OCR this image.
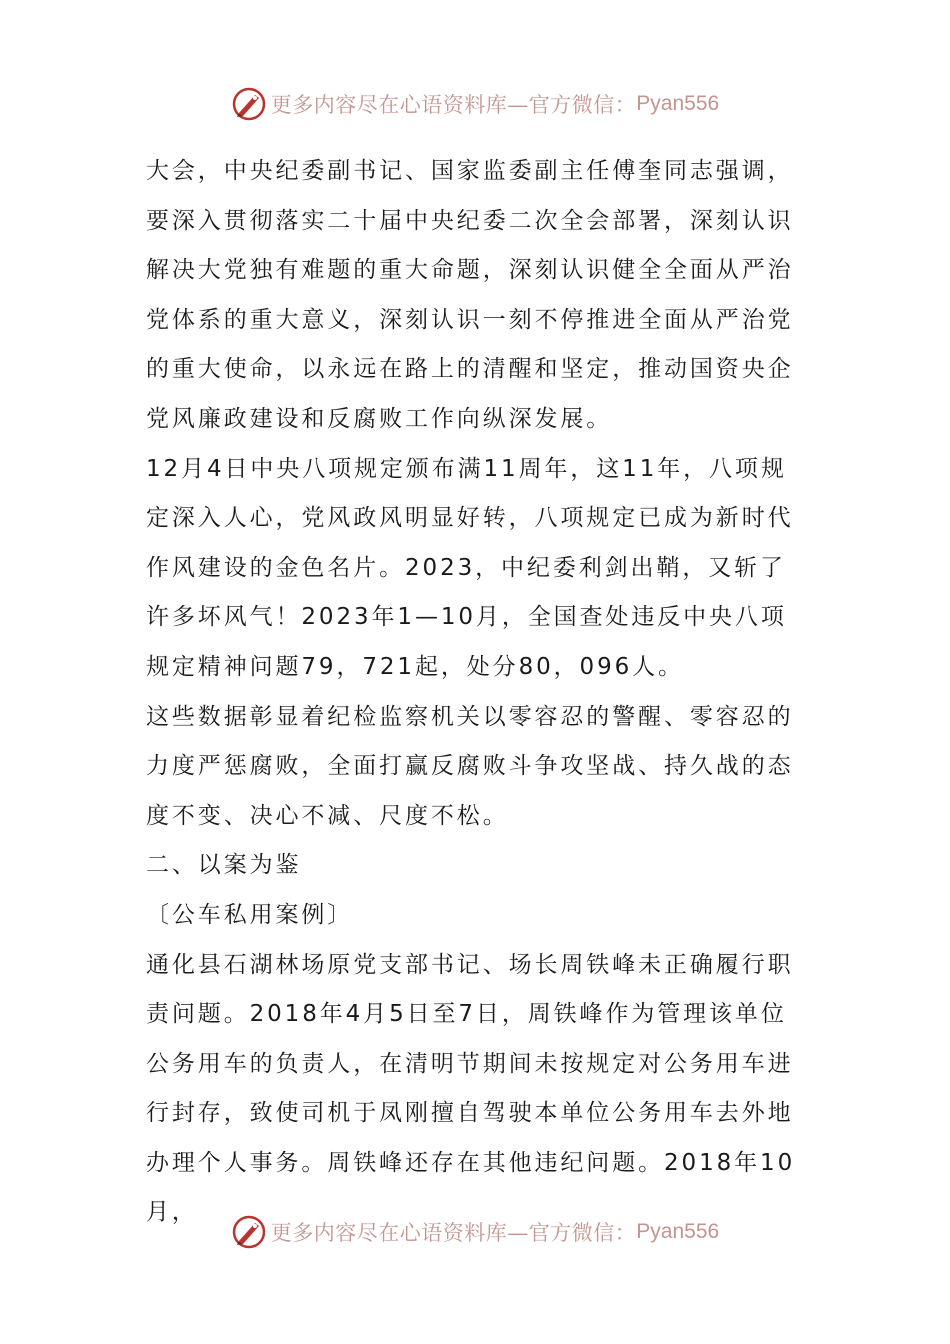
更多内容尽在心语资料库—官方微信： Pyan556

大会，中央纪委副书记、国家监委副主任傅奎同志强调，要深入贯彻落实二十届中央纪委二次全会部署，深刻认识解决大党独有难题的重大命题，深刻认识健全全面从严治党体系的重大意义，深刻认识一刻不停推进全面从严治党的重大使命，以永远在路上的清醒和坚定，推动国资央企党风廉政建设和反腐败工作向纵深发展。

12月4日中央八项规定颁布满11周年，这11年，八项规定深入人心，党风政风明显好转，八项规定已成为新时代作风建设的金色名片。2023，中纪委利剑出鞘，又斩了许多坏风气！2023年1—10月，全国查处违反中央八项规定精神问题79，721起，处分80，096人。

这些数据彰显着纪检监察机关以零容忍的警醒、零容忍的力度严惩腐败，全面打赢反腐败斗争攻坚战、持久战的态度不变、决心不减、尺度不松。

二、以案为鉴

〔公车私用案例〕

通化县石湖林场原党支部书记、场长周铁峰未正确履行职责问题。2018年4月5日至7日，周铁峰作为管理该单位公务用车的负责人，在清明节期间未按规定对公务用车进行封存，致使司机于凤刚擅自驾驶本单位公务用车去外地办理个人事务。周铁峰还存在其他违纪问题。2018年10月，

更多内容尽在心语资料库—官方微信： Pyan556
